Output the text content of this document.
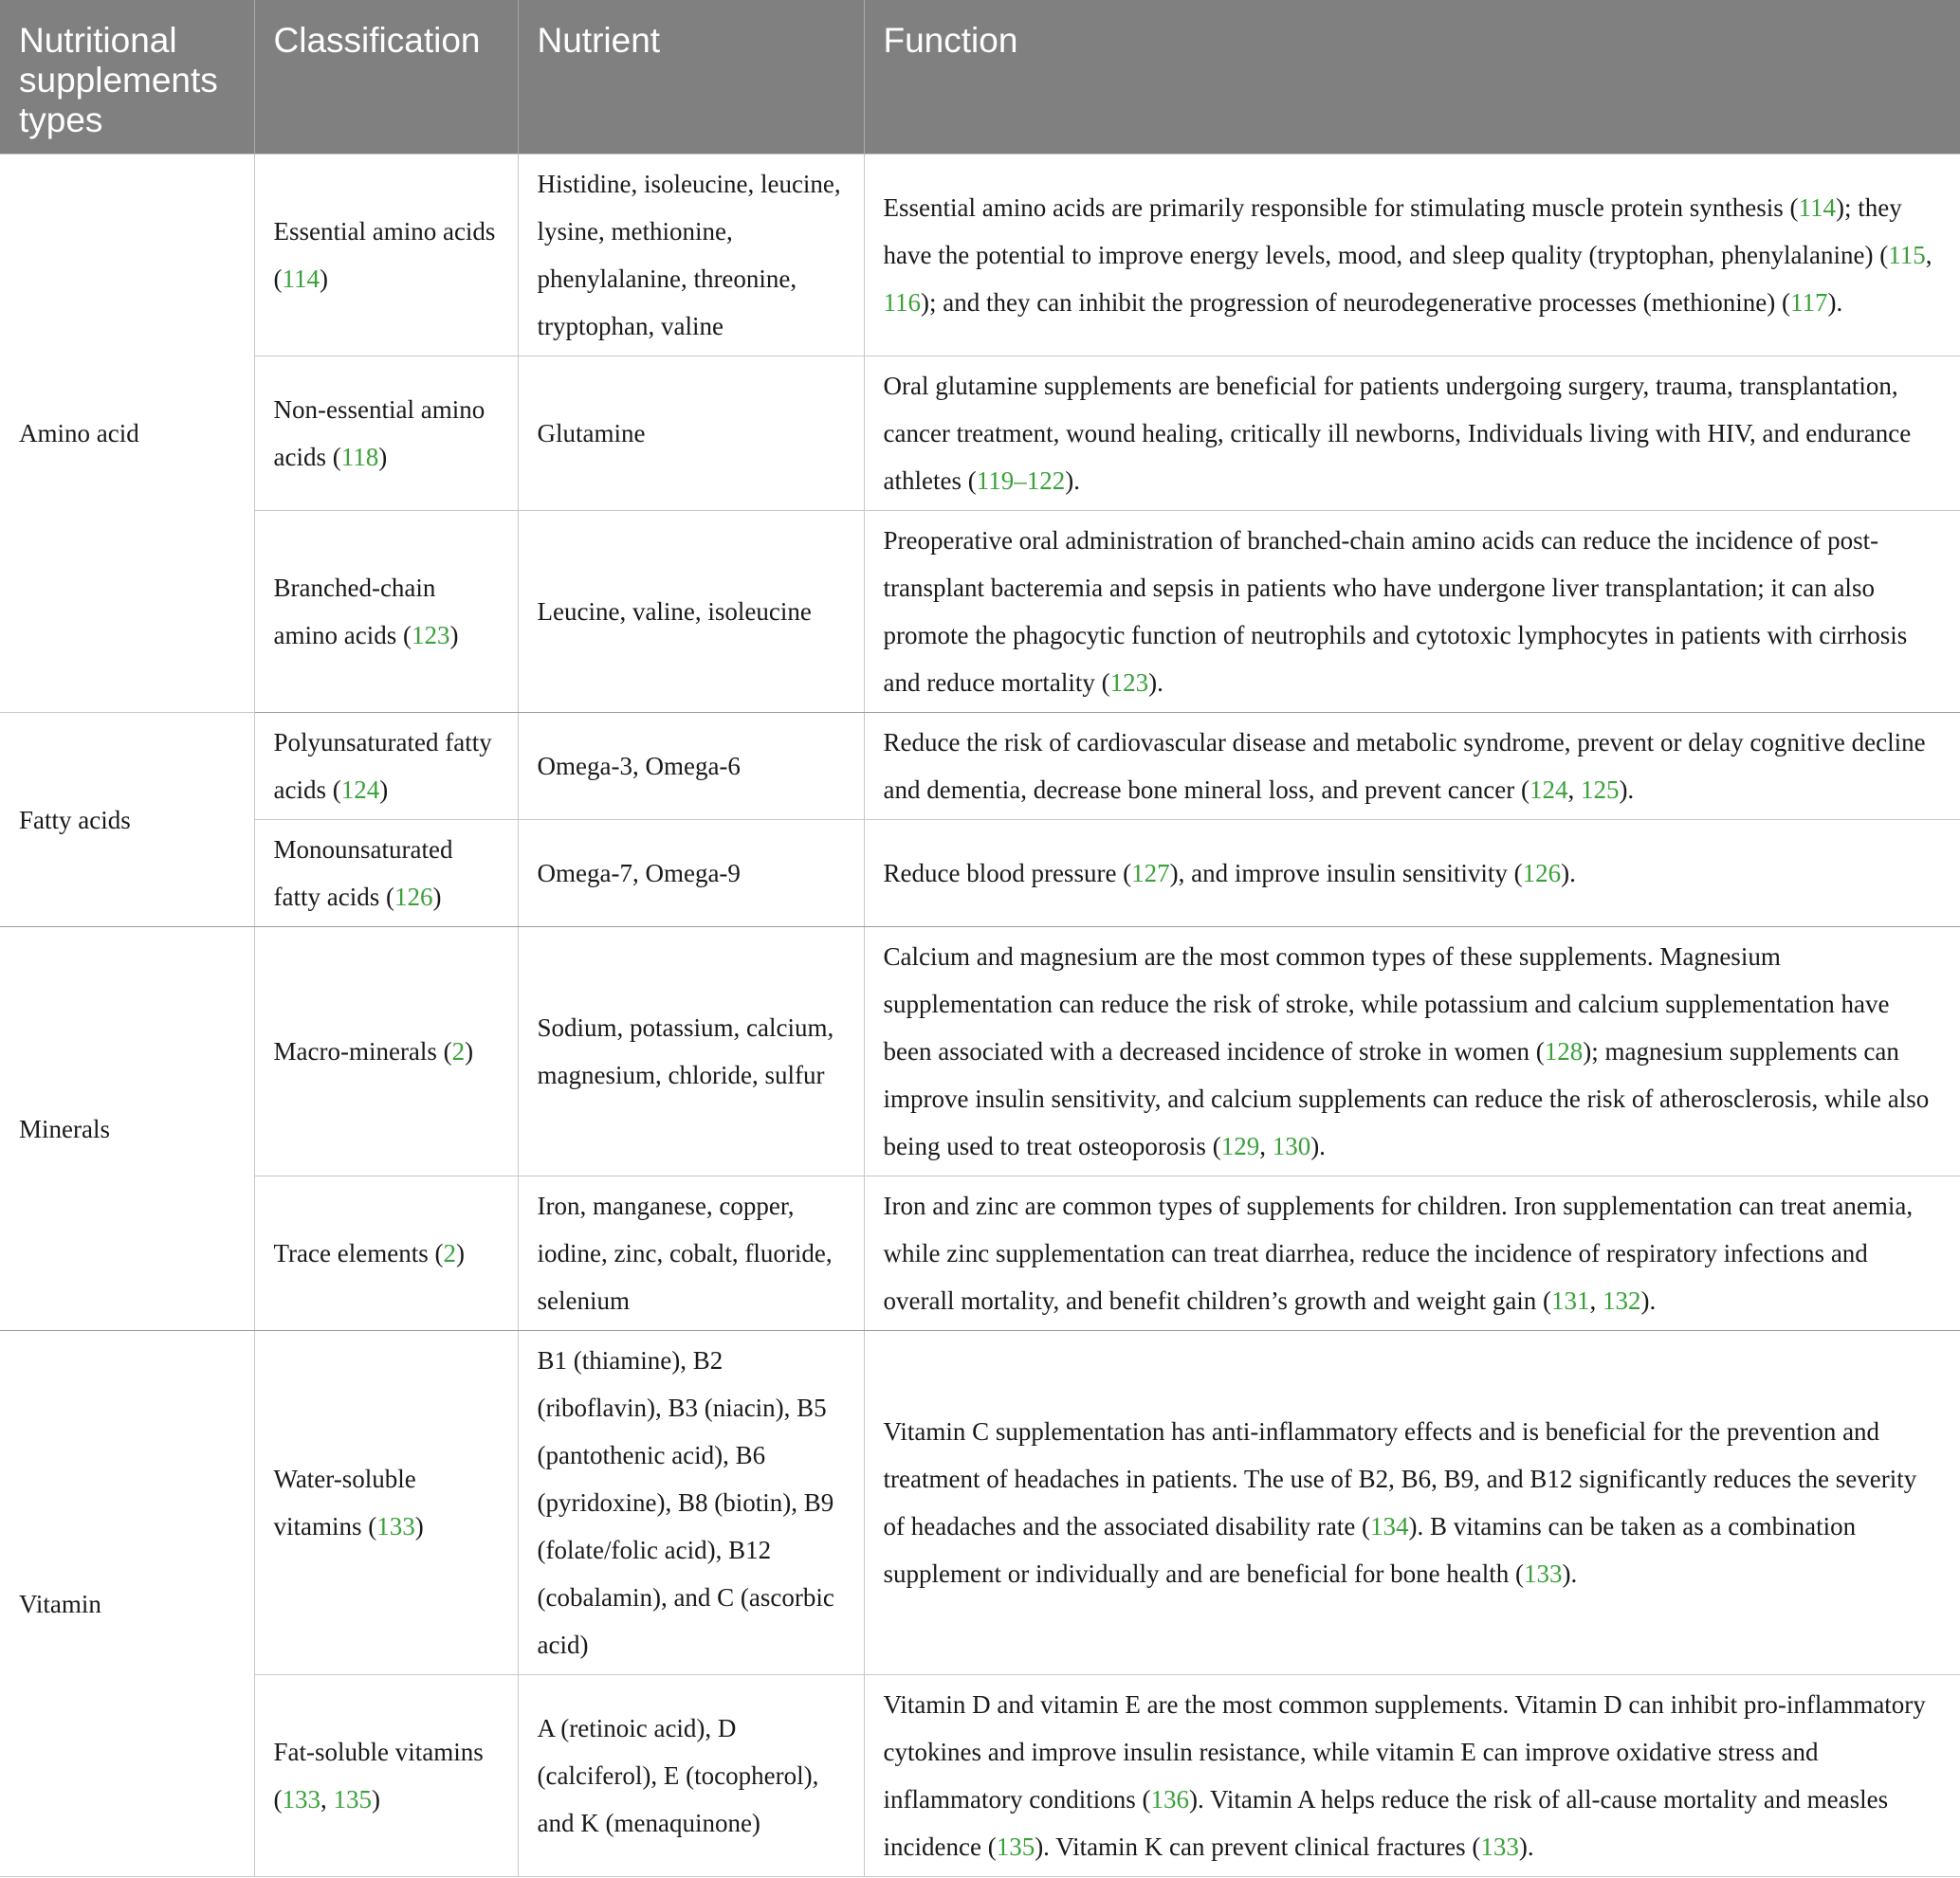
Nutritional supplements types	Classification	Nutrient	Function
Amino acid	Essential amino acids (114)	Histidine, isoleucine, leucine, lysine, methionine, phenylalanine, threonine, tryptophan, valine	Essential amino acids are primarily responsible for stimulating muscle protein synthesis (114); they have the potential to improve energy levels, mood, and sleep quality (tryptophan, phenylalanine) (115, 116); and they can inhibit the progression of neurodegenerative processes (methionine) (117).
	Non-essential amino acids (118)	Glutamine	Oral glutamine supplements are beneficial for patients undergoing surgery, trauma, transplantation, cancer treatment, wound healing, critically ill newborns, Individuals living with HIV, and endurance athletes (119–122).
	Branched-chain amino acids (123)	Leucine, valine, isoleucine	Preoperative oral administration of branched-chain amino acids can reduce the incidence of post-transplant bacteremia and sepsis in patients who have undergone liver transplantation; it can also promote the phagocytic function of neutrophils and cytotoxic lymphocytes in patients with cirrhosis and reduce mortality (123).
Fatty acids	Polyunsaturated fatty acids (124)	Omega-3, Omega-6	Reduce the risk of cardiovascular disease and metabolic syndrome, prevent or delay cognitive decline and dementia, decrease bone mineral loss, and prevent cancer (124, 125).
	Monounsaturated fatty acids (126)	Omega-7, Omega-9	Reduce blood pressure (127), and improve insulin sensitivity (126).
Minerals	Macro-minerals (2)	Sodium, potassium, calcium, magnesium, chloride, sulfur	Calcium and magnesium are the most common types of these supplements. Magnesium supplementation can reduce the risk of stroke, while potassium and calcium supplementation have been associated with a decreased incidence of stroke in women (128); magnesium supplements can improve insulin sensitivity, and calcium supplements can reduce the risk of atherosclerosis, while also being used to treat osteoporosis (129, 130).
	Trace elements (2)	Iron, manganese, copper, iodine, zinc, cobalt, fluoride, selenium	Iron and zinc are common types of supplements for children. Iron supplementation can treat anemia, while zinc supplementation can treat diarrhea, reduce the incidence of respiratory infections and overall mortality, and benefit children’s growth and weight gain (131, 132).
Vitamin	Water-soluble vitamins (133)	B1 (thiamine), B2 (riboflavin), B3 (niacin), B5 (pantothenic acid), B6 (pyridoxine), B8 (biotin), B9 (folate/folic acid), B12 (cobalamin), and C (ascorbic acid)	Vitamin C supplementation has anti-inflammatory effects and is beneficial for the prevention and treatment of headaches in patients. The use of B2, B6, B9, and B12 significantly reduces the severity of headaches and the associated disability rate (134). B vitamins can be taken as a combination supplement or individually and are beneficial for bone health (133).
	Fat-soluble vitamins (133, 135)	A (retinoic acid), D (calciferol), E (tocopherol), and K (menaquinone)	Vitamin D and vitamin E are the most common supplements. Vitamin D can inhibit pro-inflammatory cytokines and improve insulin resistance, while vitamin E can improve oxidative stress and inflammatory conditions (136). Vitamin A helps reduce the risk of all-cause mortality and measles incidence (135). Vitamin K can prevent clinical fractures (133).
